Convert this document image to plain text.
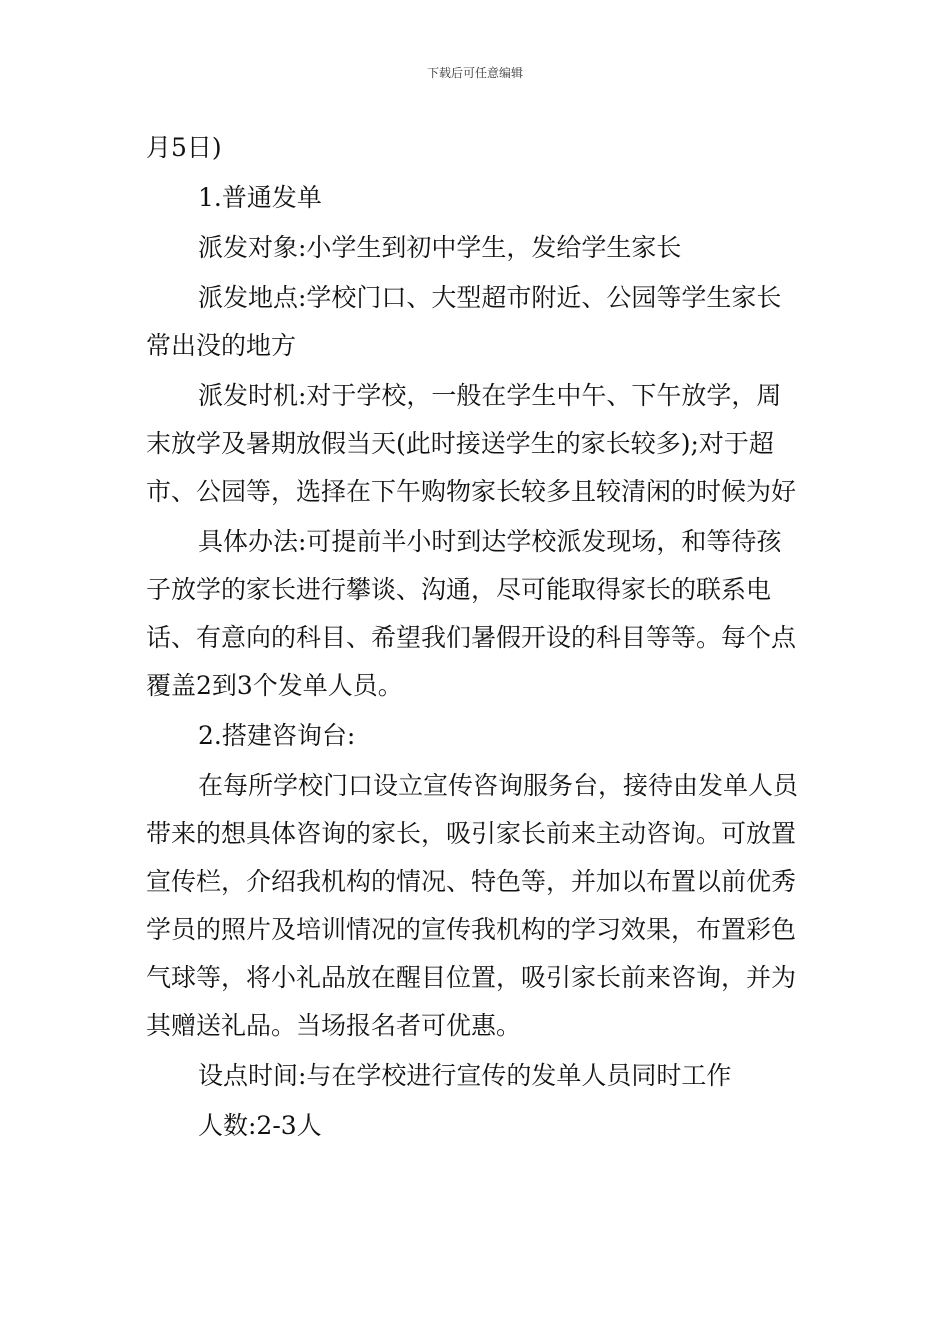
下载后可任意编辑

月5日)

1.普通发单

派发对象:小学生到初中学生，发给学生家长

派发地点:学校门口、大型超市附近、公园等学生家长常出没的地方

派发时机:对于学校，一般在学生中午、下午放学，周末放学及暑期放假当天(此时接送学生的家长较多);对于超市、公园等，选择在下午购物家长较多且较清闲的时候为好

具体办法:可提前半小时到达学校派发现场，和等待孩子放学的家长进行攀谈、沟通，尽可能取得家长的联系电话、有意向的科目、希望我们暑假开设的科目等等。每个点覆盖2到3个发单人员。

2.搭建咨询台:

在每所学校门口设立宣传咨询服务台，接待由发单人员带来的想具体咨询的家长，吸引家长前来主动咨询。可放置宣传栏，介绍我机构的情况、特色等，并加以布置以前优秀学员的照片及培训情况的宣传我机构的学习效果，布置彩色气球等，将小礼品放在醒目位置，吸引家长前来咨询，并为其赠送礼品。当场报名者可优惠。

设点时间:与在学校进行宣传的发单人员同时工作

人数:2-3人
